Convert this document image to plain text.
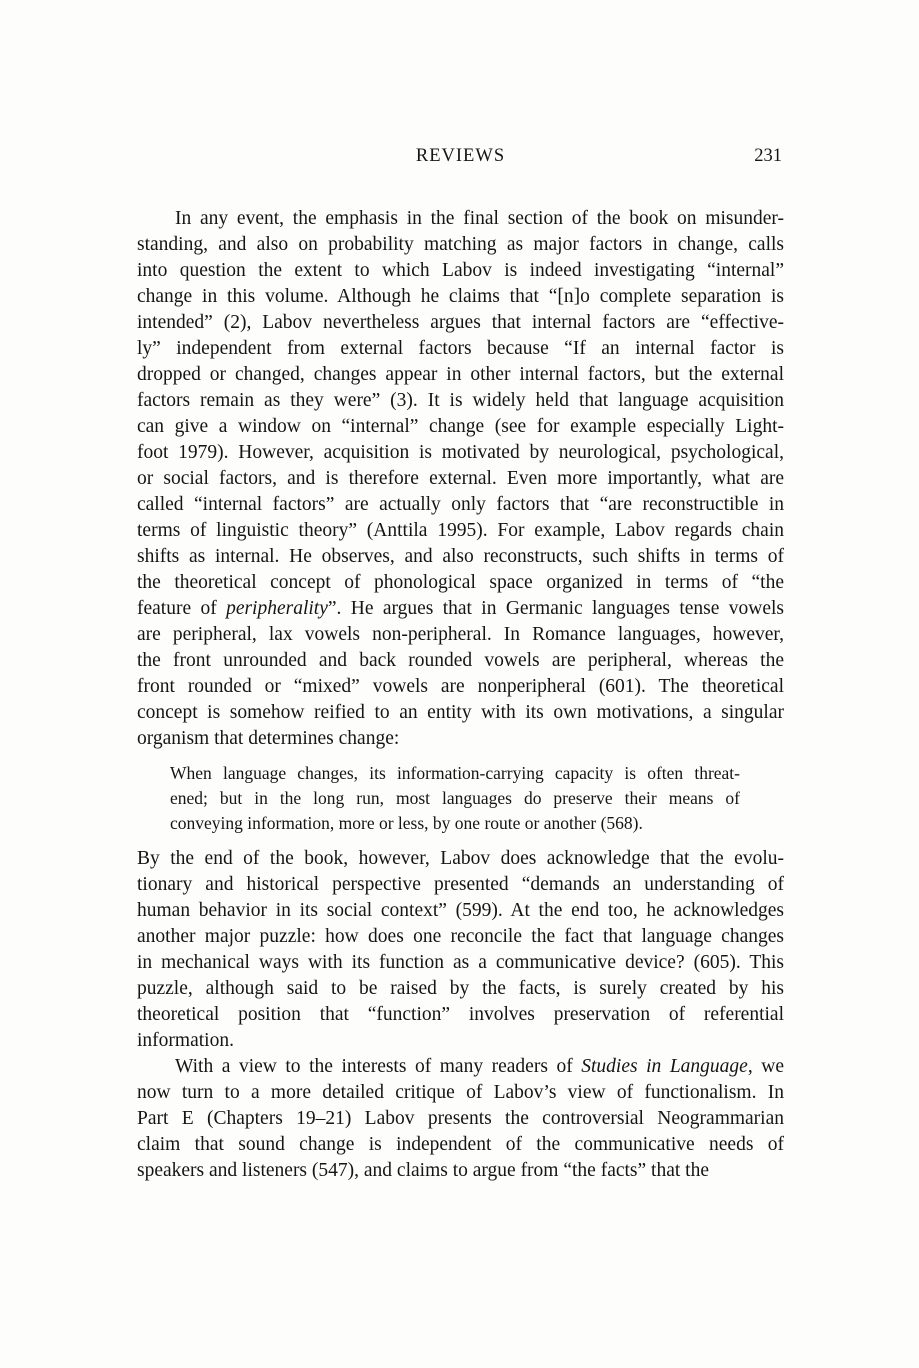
REVIEWS	231
In any event, the emphasis in the final section of the book on misunder-
standing, and also on probability matching as major factors in change, calls
into question the extent to which Labov is indeed investigating “internal”
change in this volume. Although he claims that “[n]o complete separation is
intended” (2), Labov nevertheless argues that internal factors are “effective-
ly” independent from external factors because “If an internal factor is
dropped or changed, changes appear in other internal factors, but the external
factors remain as they were” (3). It is widely held that language acquisition
can give a window on “internal” change (see for example especially Light-
foot 1979). However, acquisition is motivated by neurological, psychological,
or social factors, and is therefore external. Even more importantly, what are
called “internal factors” are actually only factors that “are reconstructible in
terms of linguistic theory” (Anttila 1995). For example, Labov regards chain
shifts as internal. He observes, and also reconstructs, such shifts in terms of
the theoretical concept of phonological space organized in terms of “the
feature of peripherality”. He argues that in Germanic languages tense vowels
are peripheral, lax vowels non-peripheral. In Romance languages, however,
the front unrounded and back rounded vowels are peripheral, whereas the
front rounded or “mixed” vowels are nonperipheral (601). The theoretical
concept is somehow reified to an entity with its own motivations, a singular
organism that determines change:
When language changes, its information-carrying capacity is often threat-
ened; but in the long run, most languages do preserve their means of
conveying information, more or less, by one route or another (568).
By the end of the book, however, Labov does acknowledge that the evolu-
tionary and historical perspective presented “demands an understanding of
human behavior in its social context” (599). At the end too, he acknowledges
another major puzzle: how does one reconcile the fact that language changes
in mechanical ways with its function as a communicative device? (605). This
puzzle, although said to be raised by the facts, is surely created by his
theoretical position that “function” involves preservation of referential
information.
With a view to the interests of many readers of Studies in Language, we
now turn to a more detailed critique of Labov’s view of functionalism. In
Part E (Chapters 19–21) Labov presents the controversial Neogrammarian
claim that sound change is independent of the communicative needs of
speakers and listeners (547), and claims to argue from “the facts” that the
